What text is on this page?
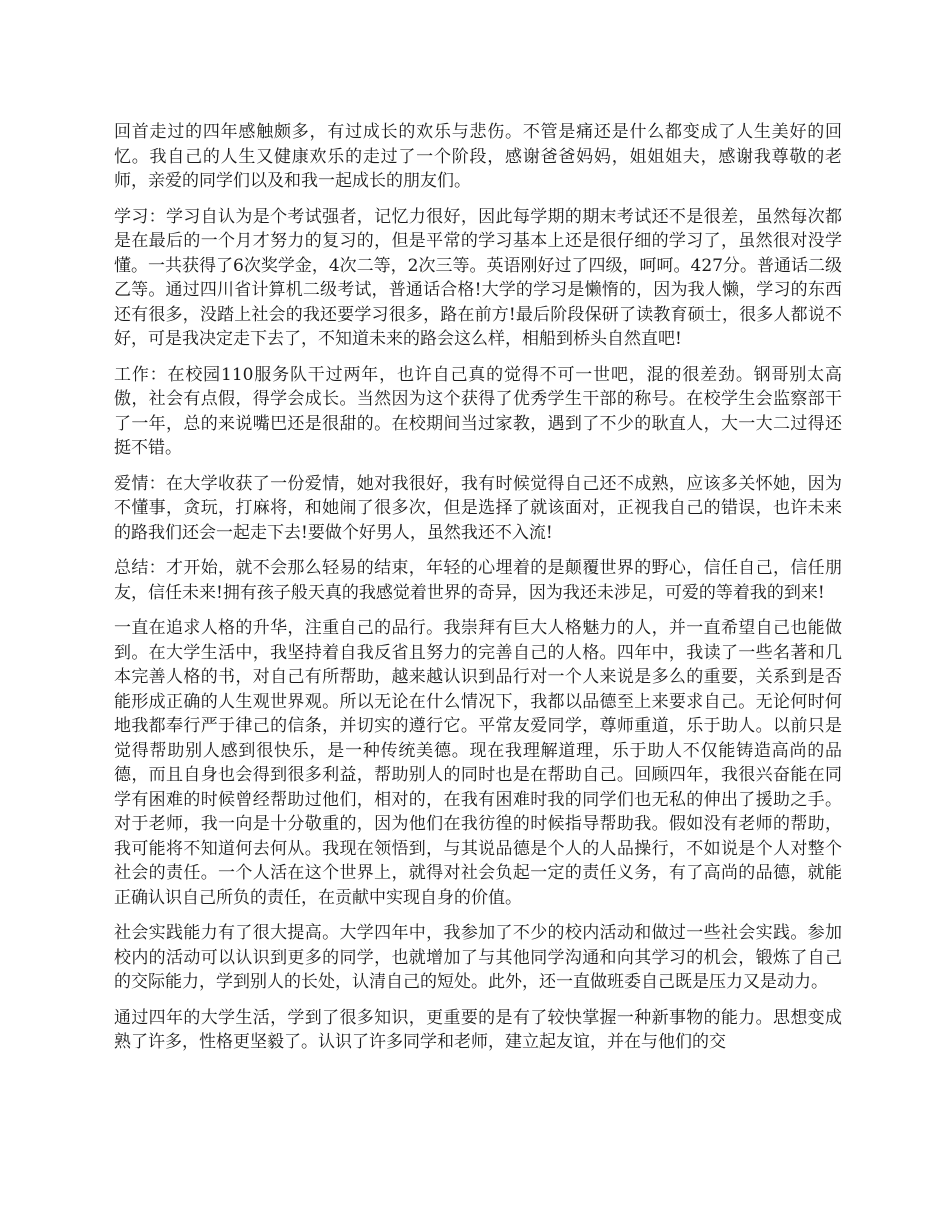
回首走过的四年感触颇多，有过成长的欢乐与悲伤。不管是痛还是什么都变成了人生美好的回忆。我自己的人生又健康欢乐的走过了一个阶段，感谢爸爸妈妈，姐姐姐夫，感谢我尊敬的老师，亲爱的同学们以及和我一起成长的朋友们。

学习：学习自认为是个考试强者，记忆力很好，因此每学期的期末考试还不是很差，虽然每次都是在最后的一个月才努力的复习的，但是平常的学习基本上还是很仔细的学习了，虽然很对没学懂。一共获得了6次奖学金，4次二等，2次三等。英语刚好过了四级，呵呵。427分。普通话二级乙等。通过四川省计算机二级考试，普通话合格!大学的学习是懒惰的，因为我人懒，学习的东西还有很多，没踏上社会的我还要学习很多，路在前方!最后阶段保研了读教育硕士，很多人都说不好，可是我决定走下去了，不知道未来的路会这么样，相船到桥头自然直吧!

工作：在校园110服务队干过两年，也许自己真的觉得不可一世吧，混的很差劲。钢哥别太高傲，社会有点假，得学会成长。当然因为这个获得了优秀学生干部的称号。在校学生会监察部干了一年，总的来说嘴巴还是很甜的。在校期间当过家教，遇到了不少的耿直人，大一大二过得还挺不错。

爱情：在大学收获了一份爱情，她对我很好，我有时候觉得自己还不成熟，应该多关怀她，因为不懂事，贪玩，打麻将，和她闹了很多次，但是选择了就该面对，正视我自己的错误，也许未来的路我们还会一起走下去!要做个好男人，虽然我还不入流!

总结：才开始，就不会那么轻易的结束，年轻的心埋着的是颠覆世界的野心，信任自己，信任朋友，信任未来!拥有孩子般天真的我感觉着世界的奇异，因为我还未涉足，可爱的等着我的到来!

一直在追求人格的升华，注重自己的品行。我崇拜有巨大人格魅力的人，并一直希望自己也能做到。在大学生活中，我坚持着自我反省且努力的完善自己的人格。四年中，我读了一些名著和几本完善人格的书，对自己有所帮助，越来越认识到品行对一个人来说是多么的重要，关系到是否能形成正确的人生观世界观。所以无论在什么情况下，我都以品德至上来要求自己。无论何时何地我都奉行严于律己的信条，并切实的遵行它。平常友爱同学，尊师重道，乐于助人。以前只是觉得帮助别人感到很快乐，是一种传统美德。现在我理解道理，乐于助人不仅能铸造高尚的品德，而且自身也会得到很多利益，帮助别人的同时也是在帮助自己。回顾四年，我很兴奋能在同学有困难的时候曾经帮助过他们，相对的，在我有困难时我的同学们也无私的伸出了援助之手。对于老师，我一向是十分敬重的，因为他们在我彷徨的时候指导帮助我。假如没有老师的帮助，我可能将不知道何去何从。我现在领悟到，与其说品德是个人的人品操行，不如说是个人对整个社会的责任。一个人活在这个世界上，就得对社会负起一定的责任义务，有了高尚的品德，就能正确认识自己所负的责任，在贡献中实现自身的价值。

社会实践能力有了很大提高。大学四年中，我参加了不少的校内活动和做过一些社会实践。参加校内的活动可以认识到更多的同学，也就增加了与其他同学沟通和向其学习的机会，锻炼了自己的交际能力，学到别人的长处，认清自己的短处。此外，还一直做班委自己既是压力又是动力。

通过四年的大学生活，学到了很多知识，更重要的是有了较快掌握一种新事物的能力。思想变成熟了许多，性格更坚毅了。认识了许多同学和老师，建立起友谊，并在与他们的交
